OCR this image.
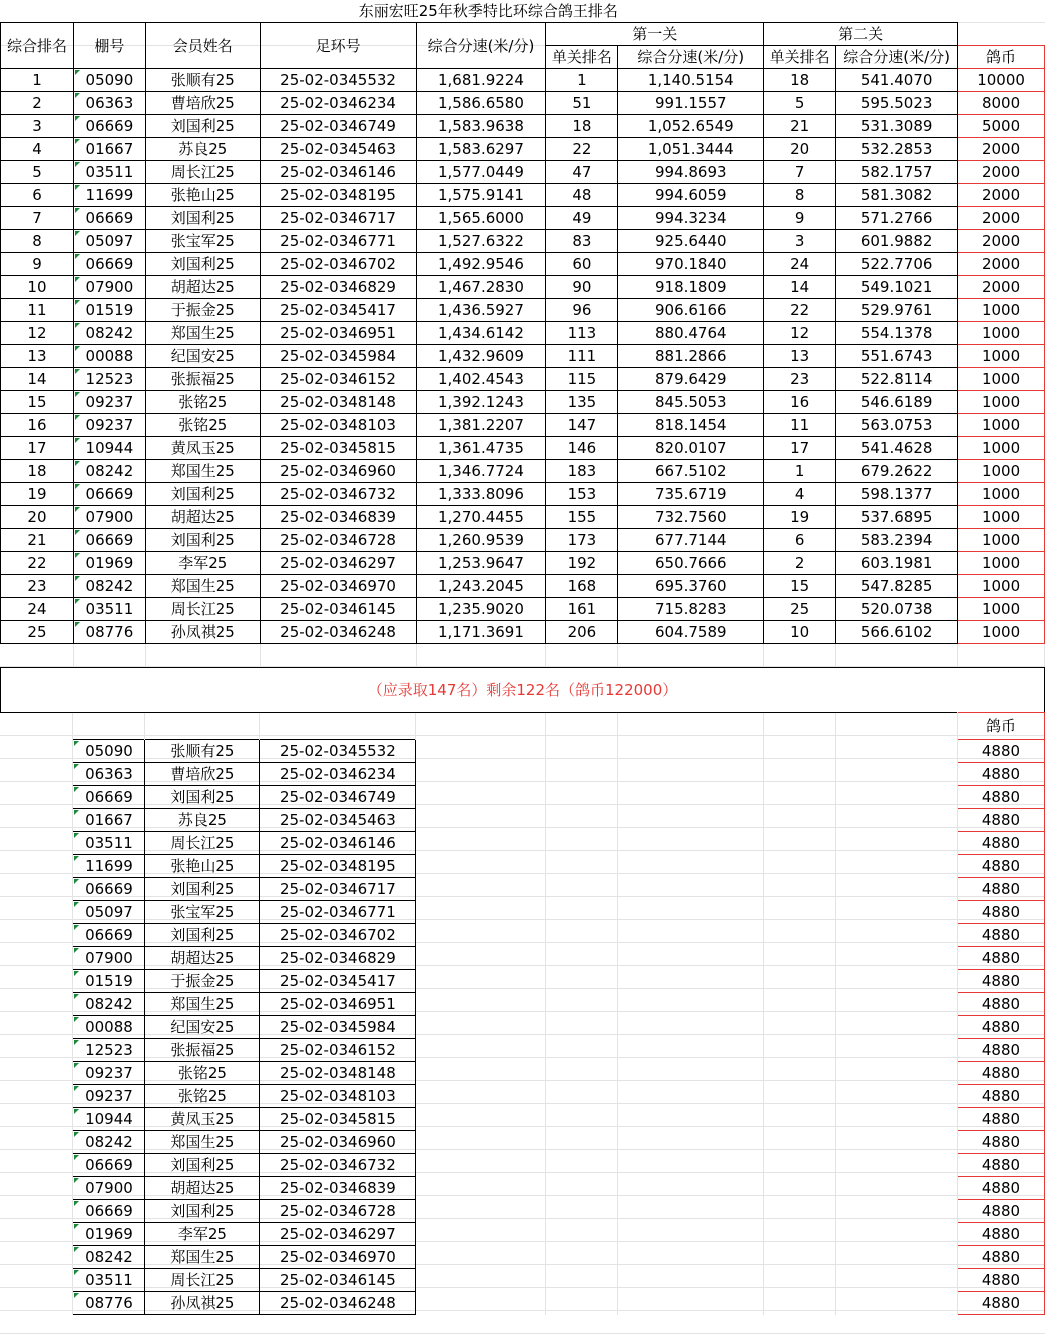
东丽宏旺25年秋季特比环综合鸽王排名									
综合排名	棚号	会员姓名	足环号	综合分速(米/分)	第一关		第二关		
					单关排名	综合分速(米/分)	单关排名	综合分速(米/分)	鸽币
1	05090	张顺有25	25-02-0345532	1,681.9224	1	1,140.5154	18	541.4070	10000
2	06363	曹培欣25	25-02-0346234	1,586.6580	51	991.1557	5	595.5023	8000
3	06669	刘国利25	25-02-0346749	1,583.9638	18	1,052.6549	21	531.3089	5000
4	01667	苏良25	25-02-0345463	1,583.6297	22	1,051.3444	20	532.2853	2000
5	03511	周长江25	25-02-0346146	1,577.0449	47	994.8693	7	582.1757	2000
6	11699	张艳山25	25-02-0348195	1,575.9141	48	994.6059	8	581.3082	2000
7	06669	刘国利25	25-02-0346717	1,565.6000	49	994.3234	9	571.2766	2000
8	05097	张宝军25	25-02-0346771	1,527.6322	83	925.6440	3	601.9882	2000
9	06669	刘国利25	25-02-0346702	1,492.9546	60	970.1840	24	522.7706	2000
10	07900	胡超达25	25-02-0346829	1,467.2830	90	918.1809	14	549.1021	2000
11	01519	于振金25	25-02-0345417	1,436.5927	96	906.6166	22	529.9761	1000
12	08242	郑国生25	25-02-0346951	1,434.6142	113	880.4764	12	554.1378	1000
13	00088	纪国安25	25-02-0345984	1,432.9609	111	881.2866	13	551.6743	1000
14	12523	张振福25	25-02-0346152	1,402.4543	115	879.6429	23	522.8114	1000
15	09237	张铭25	25-02-0348148	1,392.1243	135	845.5053	16	546.6189	1000
16	09237	张铭25	25-02-0348103	1,381.2207	147	818.1454	11	563.0753	1000
17	10944	黄凤玉25	25-02-0345815	1,361.4735	146	820.0107	17	541.4628	1000
18	08242	郑国生25	25-02-0346960	1,346.7724	183	667.5102	1	679.2622	1000
19	06669	刘国利25	25-02-0346732	1,333.8096	153	735.6719	4	598.1377	1000
20	07900	胡超达25	25-02-0346839	1,270.4455	155	732.7560	19	537.6895	1000
21	06669	刘国利25	25-02-0346728	1,260.9539	173	677.7144	6	583.2394	1000
22	01969	李军25	25-02-0346297	1,253.9647	192	650.7666	2	603.1981	1000
23	08242	郑国生25	25-02-0346970	1,243.2045	168	695.3760	15	547.8285	1000
24	03511	周长江25	25-02-0346145	1,235.9020	161	715.8283	25	520.0738	1000
25	08776	孙凤祺25	25-02-0346248	1,171.3691	206	604.7589	10	566.6102	1000

（应录取147名）剩余122名（鸽币122000）
									鸽币
	05090	张顺有25	25-02-0345532						4880
	06363	曹培欣25	25-02-0346234						4880
	06669	刘国利25	25-02-0346749						4880
	01667	苏良25	25-02-0345463						4880
	03511	周长江25	25-02-0346146						4880
	11699	张艳山25	25-02-0348195						4880
	06669	刘国利25	25-02-0346717						4880
	05097	张宝军25	25-02-0346771						4880
	06669	刘国利25	25-02-0346702						4880
	07900	胡超达25	25-02-0346829						4880
	01519	于振金25	25-02-0345417						4880
	08242	郑国生25	25-02-0346951						4880
	00088	纪国安25	25-02-0345984						4880
	12523	张振福25	25-02-0346152						4880
	09237	张铭25	25-02-0348148						4880
	09237	张铭25	25-02-0348103						4880
	10944	黄凤玉25	25-02-0345815						4880
	08242	郑国生25	25-02-0346960						4880
	06669	刘国利25	25-02-0346732						4880
	07900	胡超达25	25-02-0346839						4880
	06669	刘国利25	25-02-0346728						4880
	01969	李军25	25-02-0346297						4880
	08242	郑国生25	25-02-0346970						4880
	03511	周长江25	25-02-0346145						4880
	08776	孙凤祺25	25-02-0346248						4880
